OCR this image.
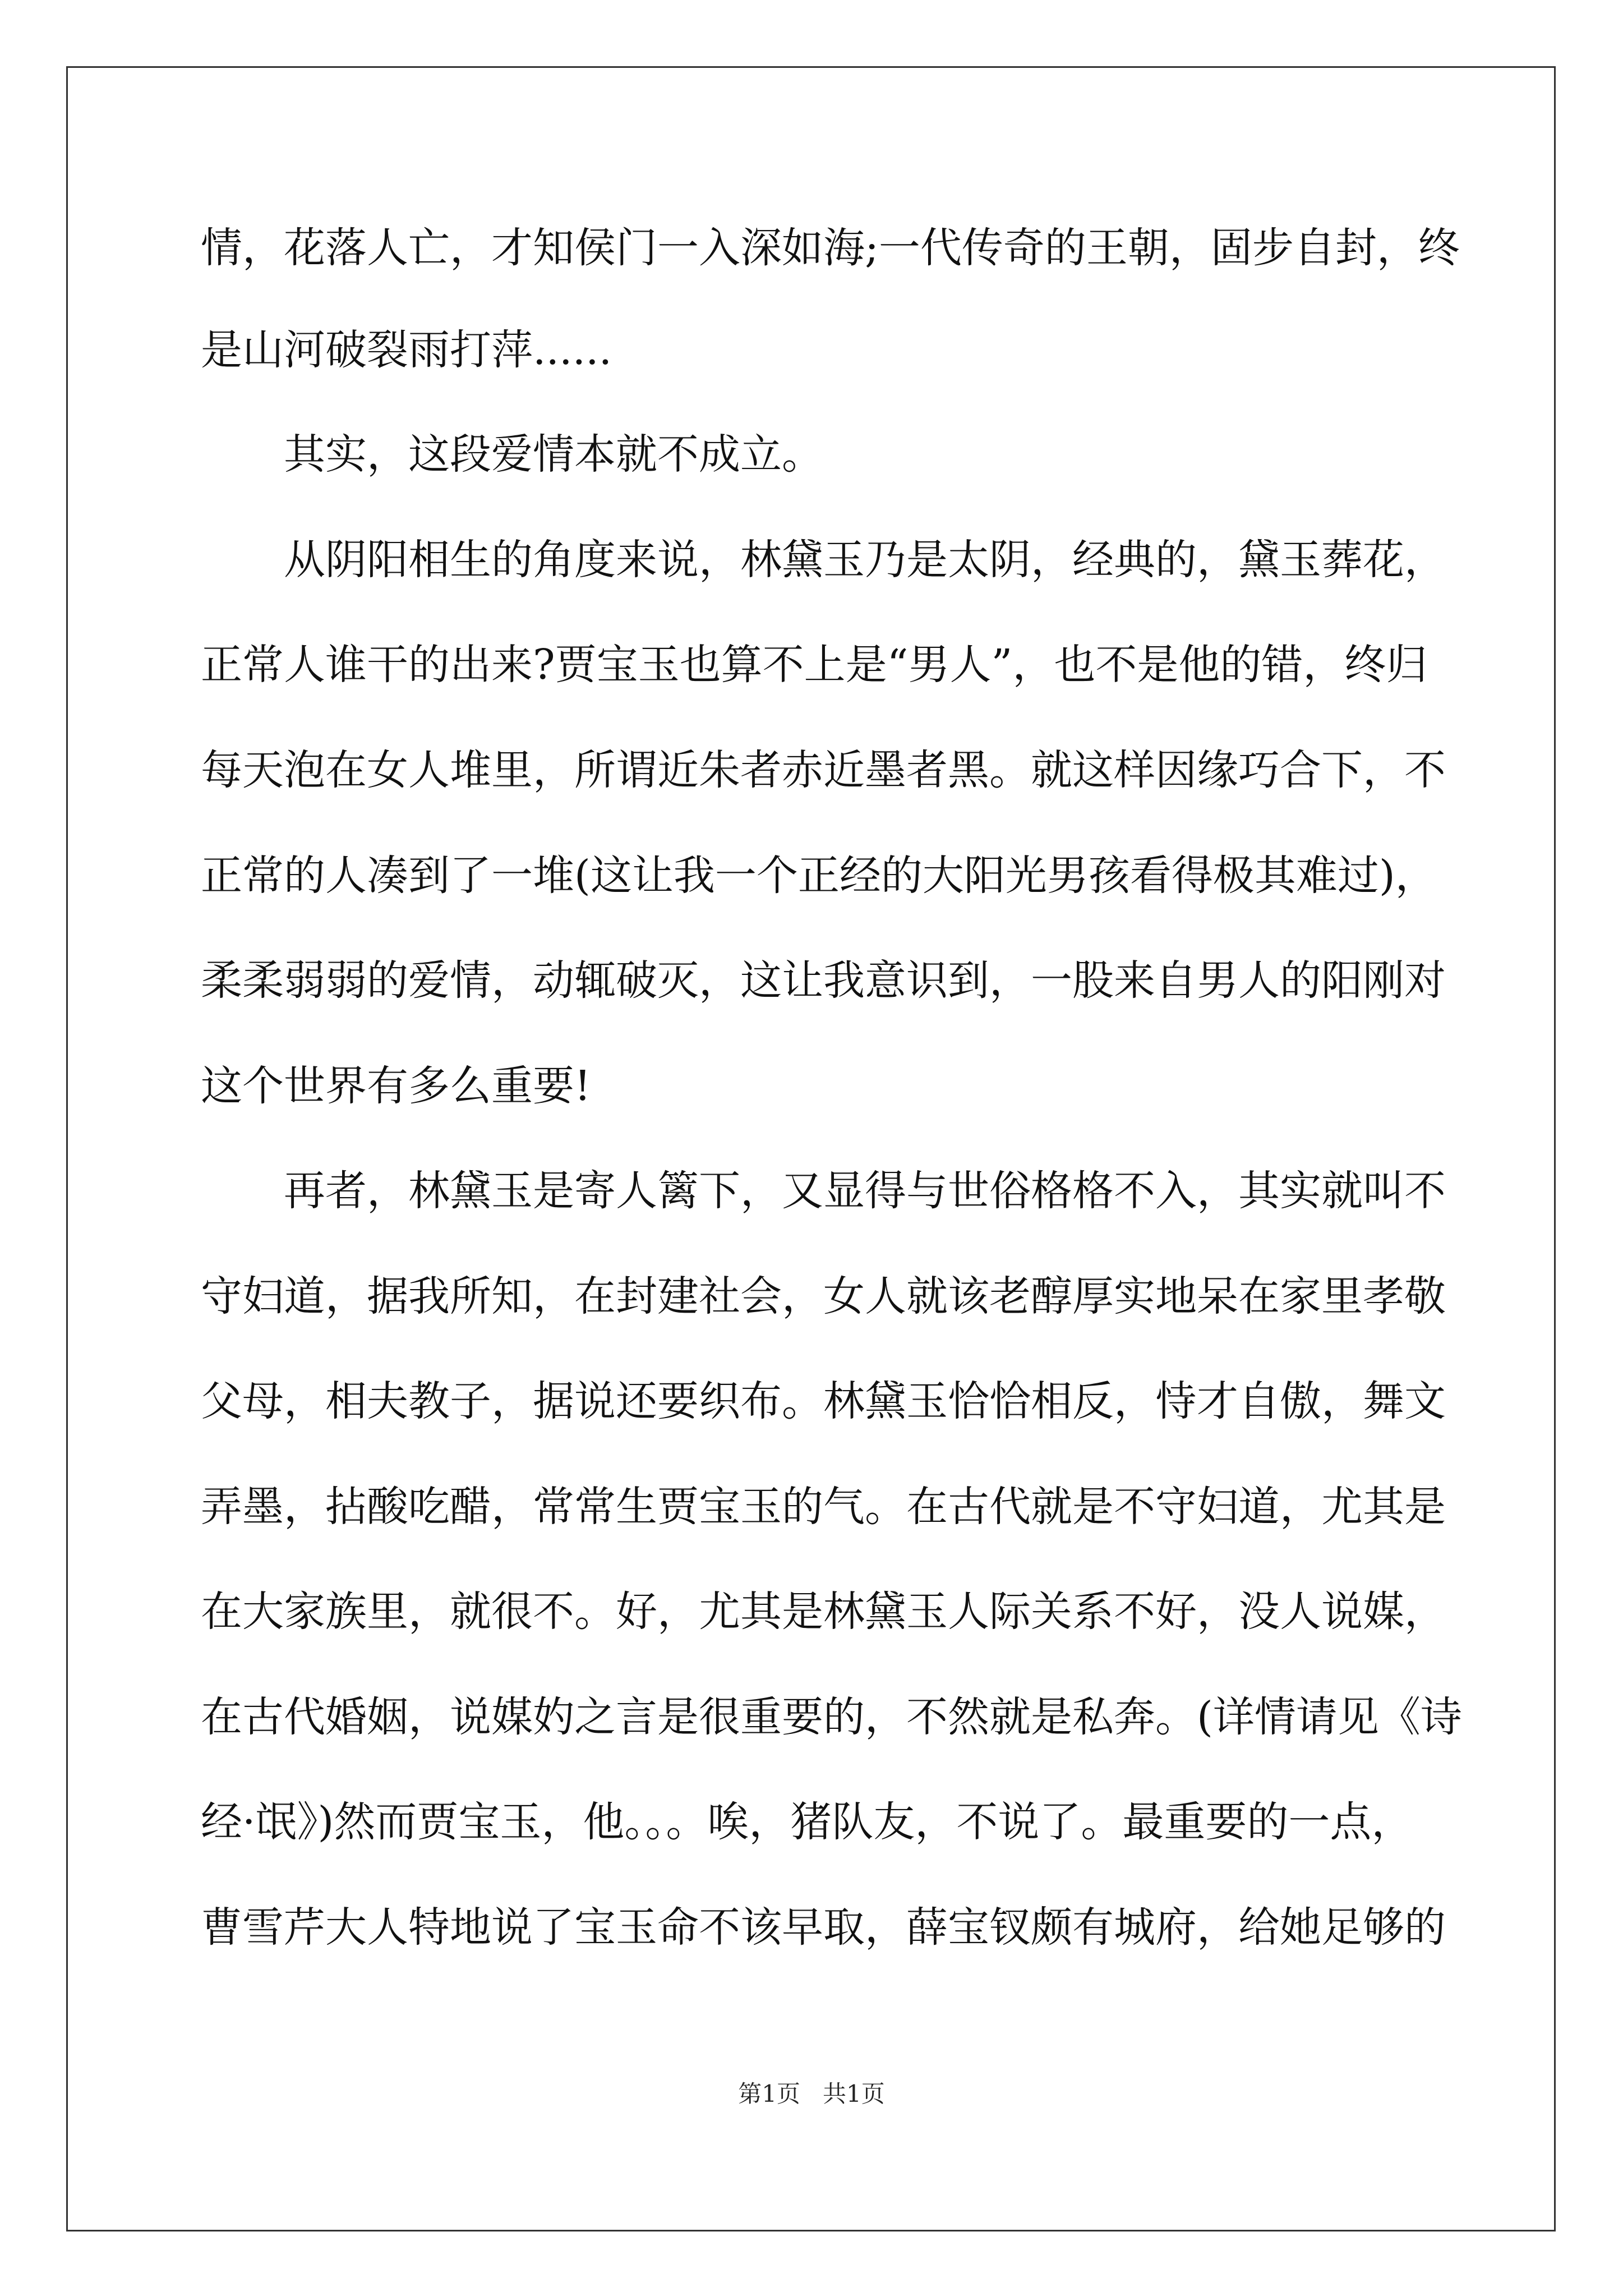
情，花落人亡，才知侯门一入深如海;一代传奇的王朝，固步自封，终
是山河破裂雨打萍......
其实，这段爱情本就不成立。
从阴阳相生的角度来说，林黛玉乃是太阴，经典的，黛玉葬花，
正常人谁干的出来?贾宝玉也算不上是“男人”，也不是他的错，终归
每天泡在女人堆里，所谓近朱者赤近墨者黑。就这样因缘巧合下，不
正常的人凑到了一堆(这让我一个正经的大阳光男孩看得极其难过)，
柔柔弱弱的爱情，动辄破灭，这让我意识到，一股来自男人的阳刚对
这个世界有多么重要!
再者，林黛玉是寄人篱下，又显得与世俗格格不入，其实就叫不
守妇道，据我所知，在封建社会，女人就该老醇厚实地呆在家里孝敬
父母，相夫教子，据说还要织布。林黛玉恰恰相反，恃才自傲，舞文
弄墨，拈酸吃醋，常常生贾宝玉的气。在古代就是不守妇道，尤其是
在大家族里，就很不。好，尤其是林黛玉人际关系不好，没人说媒，
在古代婚姻，说媒妁之言是很重要的，不然就是私奔。(详情请见《诗
经·氓》)然而贾宝玉，他。。。唉，猪队友，不说了。最重要的一点，
曹雪芹大人特地说了宝玉命不该早取，薛宝钗颇有城府，给她足够的
第1页   共1页
